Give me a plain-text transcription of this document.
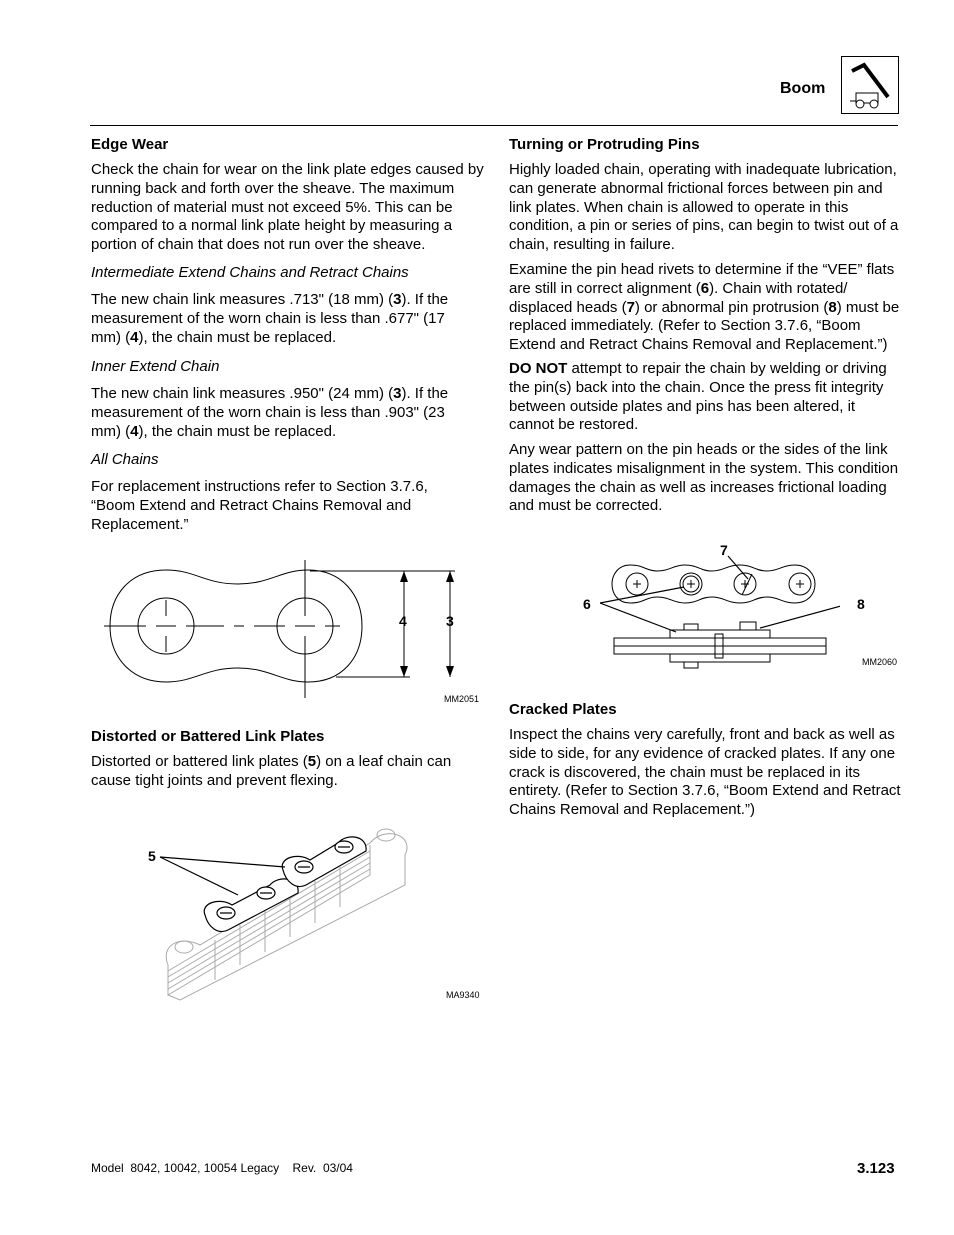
Boom
Edge Wear
Check the chain for wear on the link plate edges caused by running back and forth over the sheave. The maximum reduction of material must not exceed 5%. This can be compared to a normal link plate height by measuring a portion of chain that does not run over the sheave.
Intermediate Extend Chains and Retract Chains
The new chain link measures .713" (18 mm) (3). If the measurement of the worn chain is less than .677" (17 mm) (4), the chain must be replaced.
Inner Extend Chain
The new chain link measures .950" (24 mm) (3). If the measurement of the worn chain is less than .903" (23 mm) (4), the chain must be replaced.
All Chains
For replacement instructions refer to Section 3.7.6, “Boom Extend and Retract Chains Removal and Replacement.”
4	3
MM2051
Distorted or Battered Link Plates
Distorted or battered link plates (5) on a leaf chain can cause tight joints and prevent flexing.
5
MA9340
Turning or Protruding Pins
Highly loaded chain, operating with inadequate lubrication, can generate abnormal frictional forces between pin and link plates. When chain is allowed to operate in this condition, a pin or series of pins, can begin to twist out of a chain, resulting in failure.
Examine the pin head rivets to determine if the “VEE” flats are still in correct alignment (6). Chain with rotated/ displaced heads (7) or abnormal pin protrusion (8) must be replaced immediately. (Refer to Section 3.7.6, “Boom Extend and Retract Chains Removal and Replacement.”)
DO NOT attempt to repair the chain by welding or driving the pin(s) back into the chain. Once the press fit integrity between outside plates and pins has been altered, it cannot be restored.
Any wear pattern on the pin heads or the sides of the link plates indicates misalignment in the system. This condition damages the chain as well as increases frictional loading and must be corrected.
7
6	8
MM2060
Cracked Plates
Inspect the chains very carefully, front and back as well as side to side, for any evidence of cracked plates. If any one crack is discovered, the chain must be replaced in its entirety. (Refer to Section 3.7.6, “Boom Extend and Retract Chains Removal and Replacement.”)
Model  8042, 10042, 10054 Legacy    Rev.  03/04	3.123
